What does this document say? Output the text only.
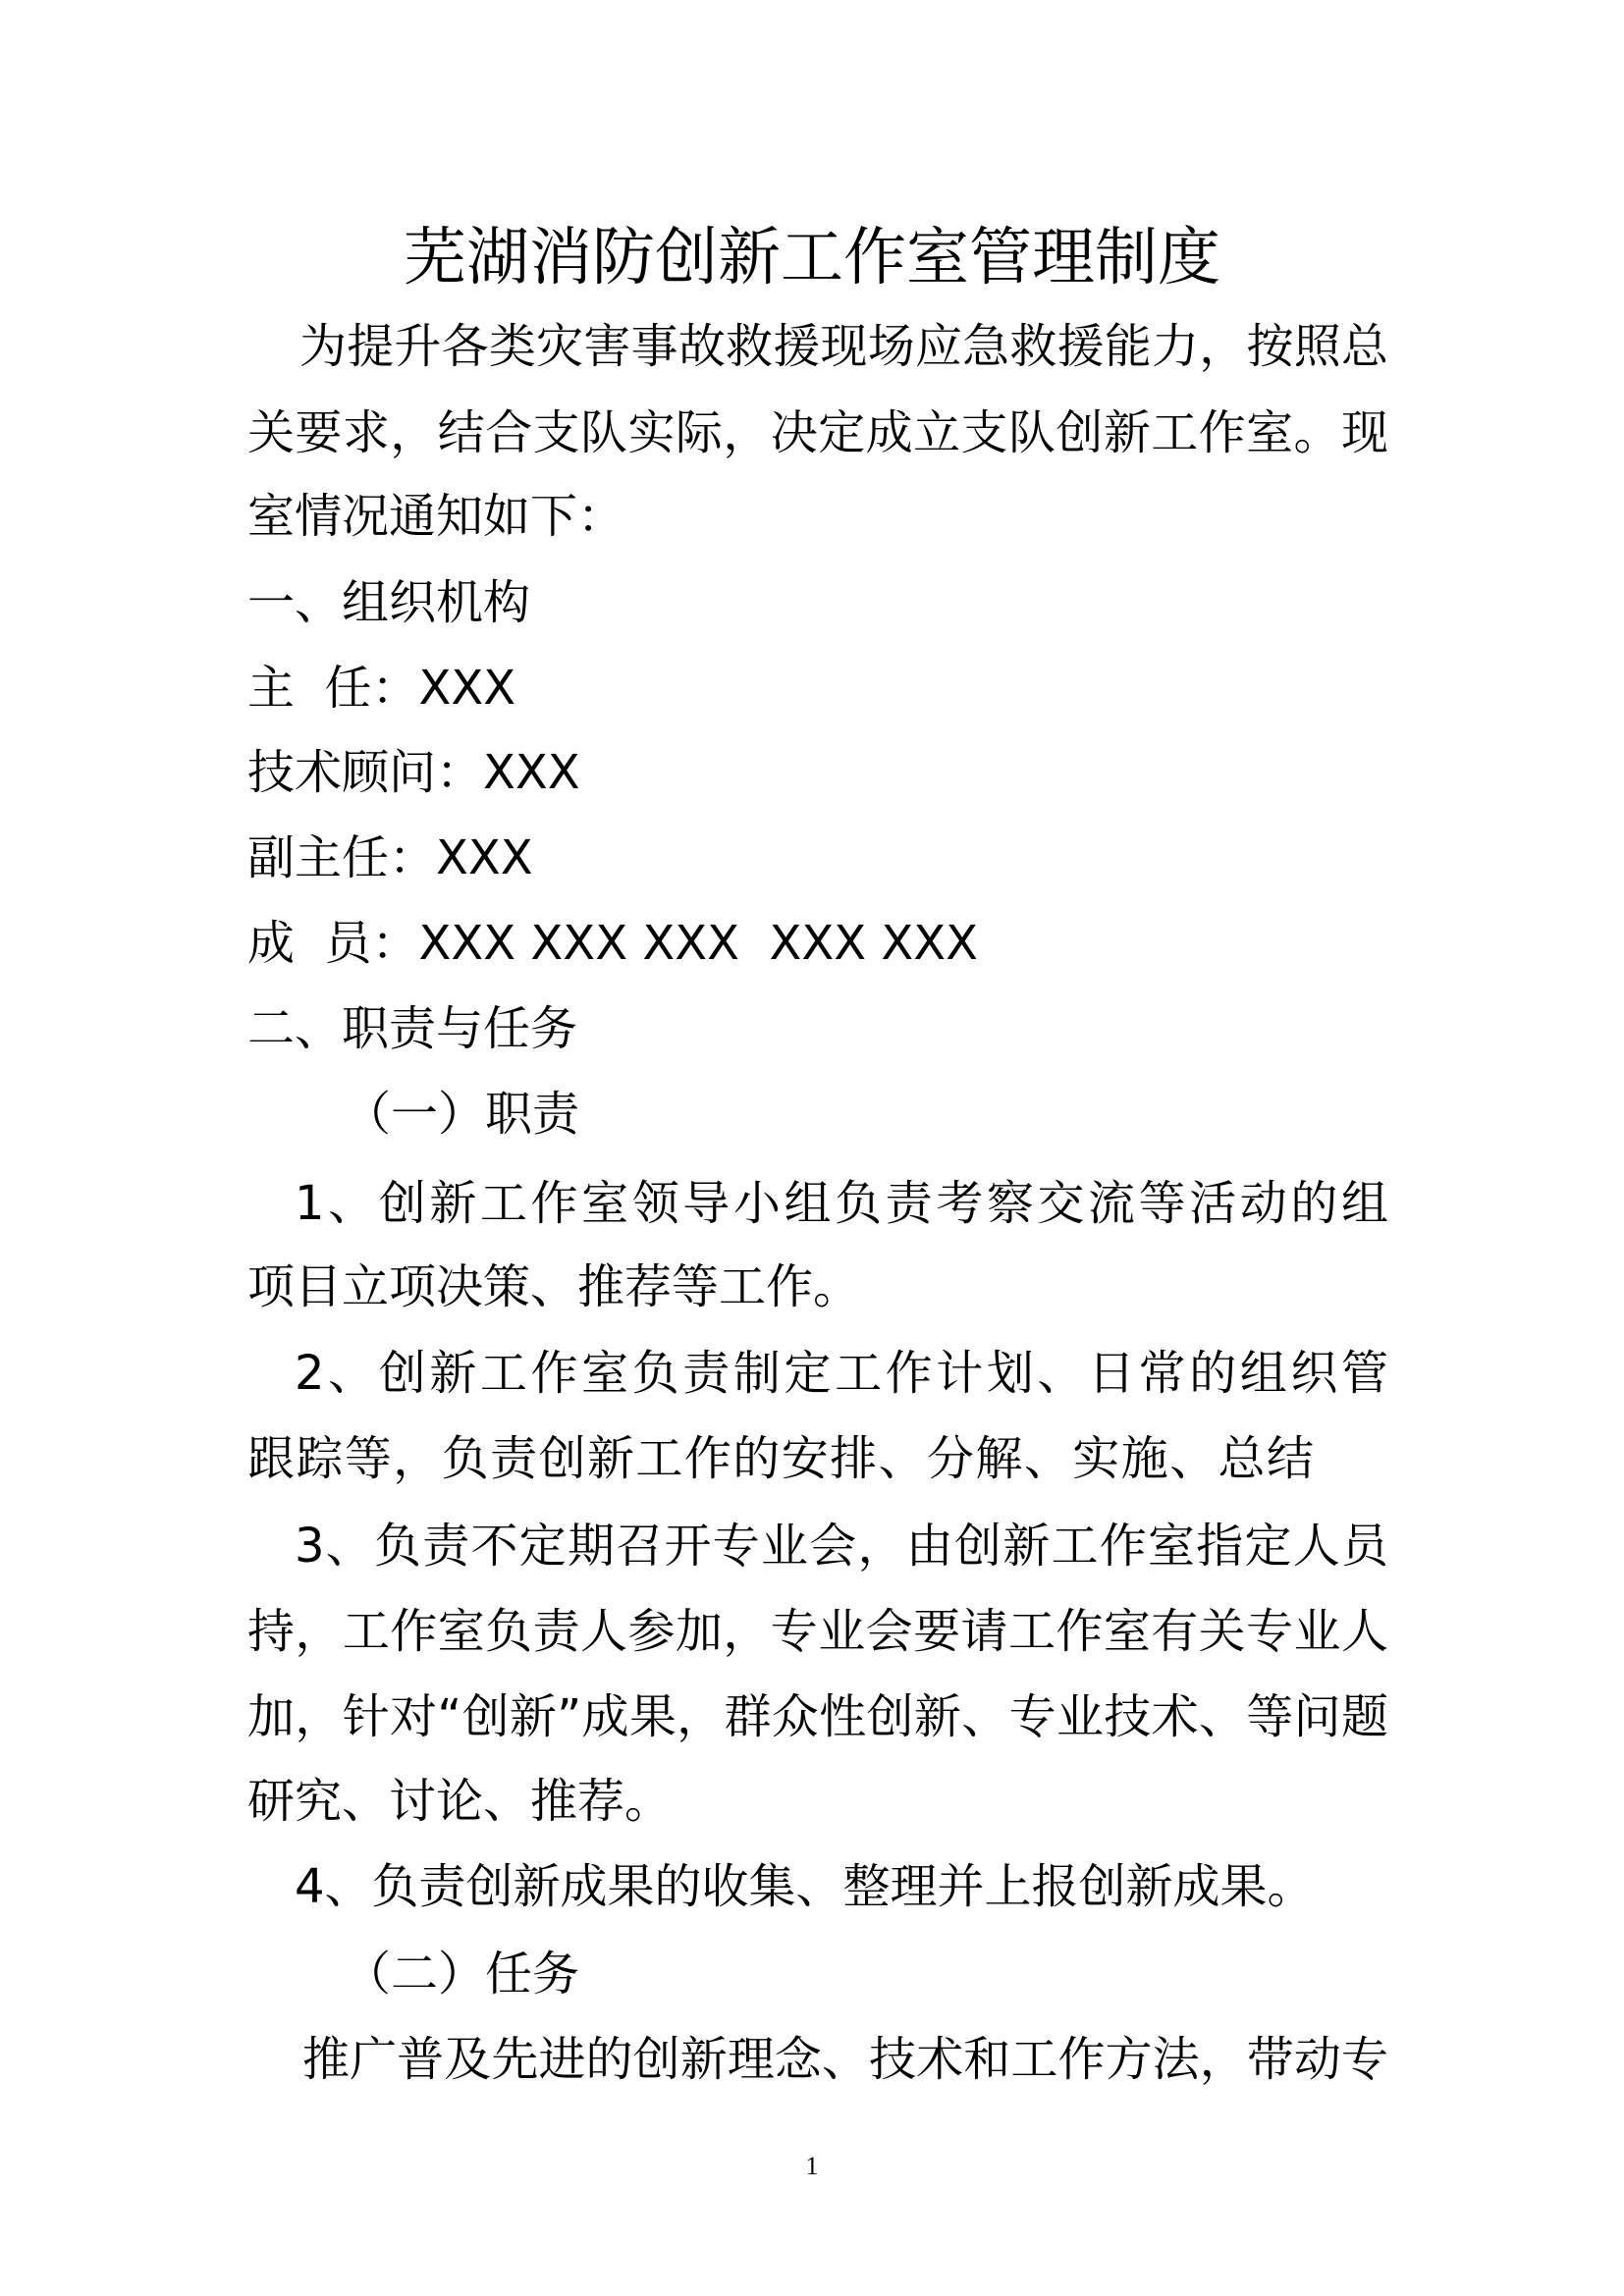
芜湖消防创新工作室管理制度
为提升各类灾害事故救援现场应急救援能力，按照总
关要求，结合支队实际，决定成立支队创新工作室。现
室情况通知如下：
一、组织机构
主  任：XXX
技术顾问：XXX
副主任：XXX
成  员：XXX XXX XXX  XXX XXX
二、职责与任务
（一）职责
1、创新工作室领导小组负责考察交流等活动的组
项目立项决策、推荐等工作。
2、创新工作室负责制定工作计划、日常的组织管
跟踪等，负责创新工作的安排、分解、实施、总结
3、负责不定期召开专业会，由创新工作室指定人员
持，工作室负责人参加，专业会要请工作室有关专业人
加，针对“创新”成果，群众性创新、专业技术、等问题
研究、讨论、推荐。
4、负责创新成果的收集、整理并上报创新成果。
（二）任务
推广普及先进的创新理念、技术和工作方法，带动专
1
